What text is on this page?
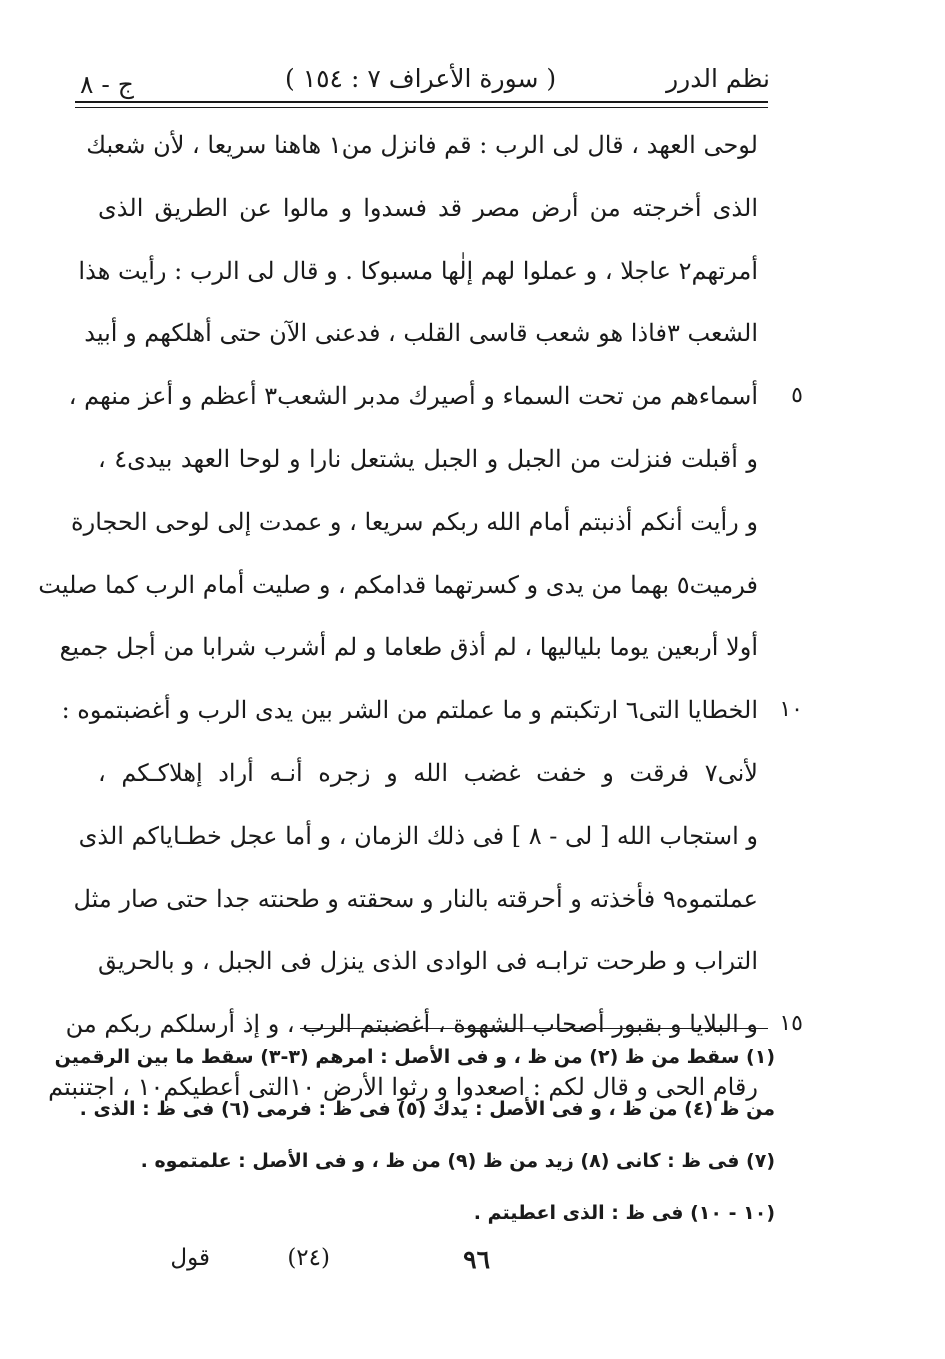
نظم الدرر
( سورة الأعراف ٧ : ١٥٤ )
ج - ٨
لوحى العهد ، قال لى الرب : قم فانزل من١ هاهنا سريعا ، لأن شعبك
الذى أخرجته من أرض مصر قد فسدوا و مالوا عن الطريق الذى
أمرتهم٢ عاجلا ، و عملوا لهم إلٰها مسبوكا . و قال لى الرب : رأيت هذا
الشعب ٣فاذا هو شعب قاسى القلب ، فدعنى الآن حتى أهلكهم و أبيد
أسماءهم من تحت السماء و أصيرك مدبر الشعب٣ أعظم و أعز منهم ، ٥
و أقبلت فنزلت من الجبل و الجبل يشتعل نارا و لوحا العهد بيدى٤ ،
و رأيت أنكم أذنبتم أمام الله ربكم سريعا ، و عمدت إلى لوحى الحجارة
فرميت٥ بهما من يدى و كسرتهما قدامكم ، و صليت أمام الرب كما صليت
أولا أربعين يوما بلياليها ، لم أذق طعاما و لم أشرب شرابا من أجل جميع
الخطايا التى٦ ارتكبتم و ما عملتم من الشر بين يدى الرب و أغضبتموه : ١٠
لأنى٧ فرقت و خفت غضب الله و زجره أنـه أراد إهلاكـكم ،
و استجاب الله [ لى - ٨ ] فى ذلك الزمان ، و أما عجل خطـاياكم الذى
عملتموه٩ فأخذته و أحرقته بالنار و سحقته و طحنته جدا حتى صار مثل
التراب و طرحت ترابـه فى الوادى الذى ينزل فى الجبل ، و بالحريق
و البلايا و بقبور أصحاب الشهوة ، أغضبتم الرب ، و إذ أرسلكم ربكم من ١٥
رقام الحى و قال لكم : اصعدوا و رثوا الأرض ١٠التى أعطيكم١٠ ، اجتنبتم
(١) سقط من ظ (٢) من ظ ، و فى الأصل : امرهم (٣-٣) سقط ما بين الرقمين
من ظ (٤) من ظ ، و فى الأصل : يدك (٥) فى ظ : فرمى (٦) فى ظ : الذى .
(٧) فى ظ : كانى (٨) زيد من ظ (٩) من ظ ، و فى الأصل : علمتموه .
(١٠ - ١٠) فى ظ : الذى اعطيتم .
٩٦
(٢٤)
قول
